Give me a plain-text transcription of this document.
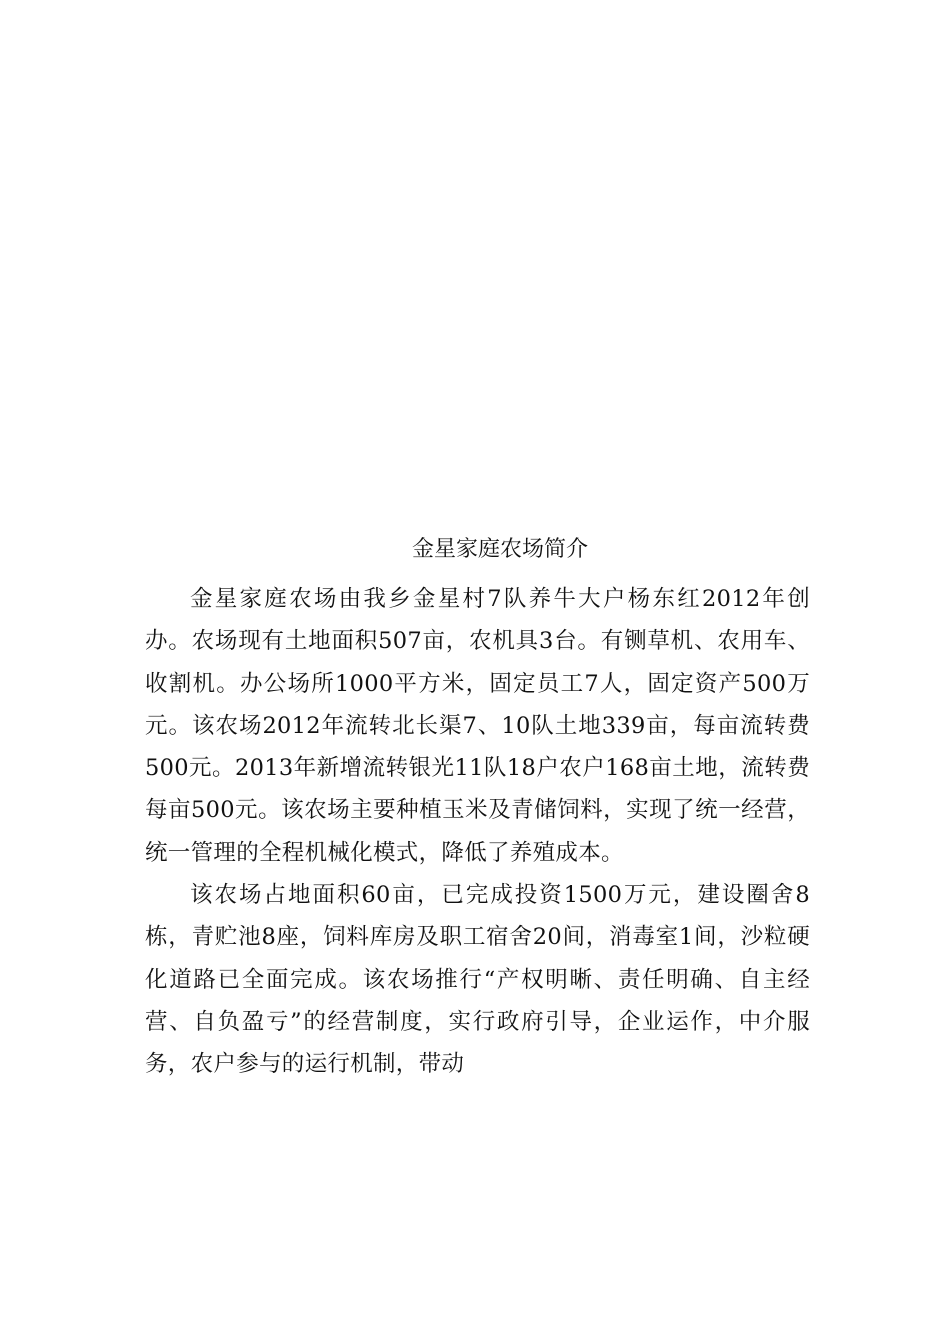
金星家庭农场简介

金星家庭农场由我乡金星村7队养牛大户杨东红2012年创办。农场现有土地面积507亩，农机具3台。有铡草机、农用车、收割机。办公场所1000平方米，固定员工7人，固定资产500万元。该农场2012年流转北长渠7、10队土地339亩，每亩流转费500元。2013年新增流转银光11队18户农户168亩土地，流转费每亩500元。该农场主要种植玉米及青储饲料，实现了统一经营，统一管理的全程机械化模式，降低了养殖成本。

该农场占地面积60亩，已完成投资1500万元，建设圈舍8栋，青贮池8座，饲料库房及职工宿舍20间，消毒室1间，沙粒硬化道路已全面完成。该农场推行“产权明晰、责任明确、自主经营、自负盈亏”的经营制度，实行政府引导，企业运作，中介服务，农户参与的运行机制，带动
